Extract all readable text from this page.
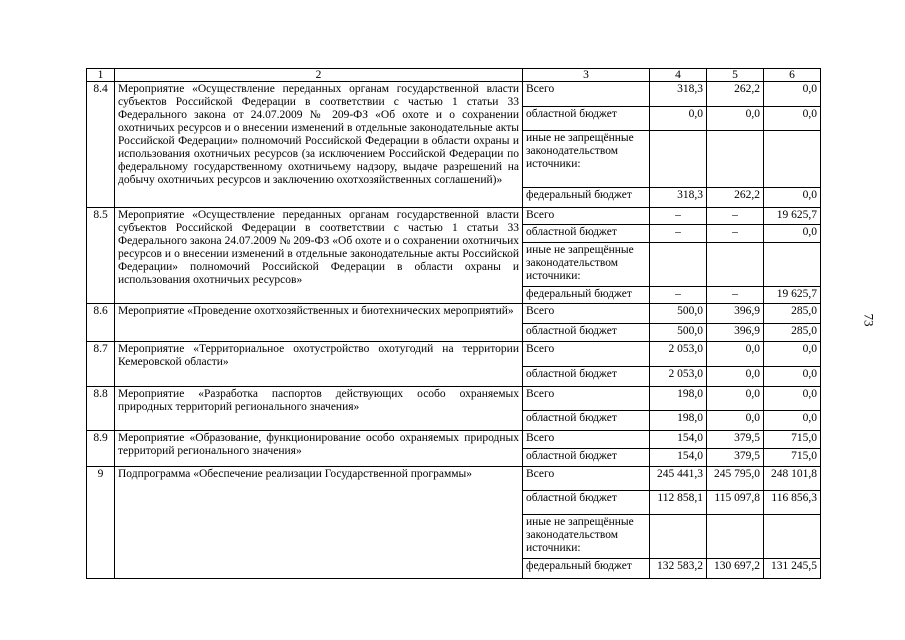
1	2	3	4	5	6
8.4	Мероприятие «Осуществление переданных органам государственной власти субъектов Российской Федерации в соответствии с частью 1 статьи 33 Федерального закона от 24.07.2009 № 209-ФЗ «Об охоте и о сохранении охотничьих ресурсов и о внесении изменений в отдельные законодательные акты Российской Федерации» полномочий Российской Федерации в области охраны и использования охотничьих ресурсов (за исключением Российской Федерации по федеральному государственному охотничьему надзору, выдаче разрешений на добычу охотничьих ресурсов и заключению охотхозяйственных соглашений)»	Всего	318,3	262,2	0,0
		областной бюджет	0,0	0,0	0,0
		иные не запрещённые законодательством источники:			
		федеральный бюджет	318,3	262,2	0,0
8.5	Мероприятие «Осуществление переданных органам государственной власти субъектов Российской Федерации в соответствии с частью 1 статьи 33 Федерального закона 24.07.2009 № 209-ФЗ «Об охоте и о сохранении охотничьих ресурсов и о внесении изменений в отдельные законодательные акты Российской Федерации» полномочий Российской Федерации в области охраны и использования охотничьих ресурсов»	Всего	–	–	19 625,7
		областной бюджет	–	–	0,0
		иные не запрещённые законодательством источники:			
		федеральный бюджет	–	–	19 625,7
8.6	Мероприятие «Проведение охотхозяйственных и биотехнических мероприятий»	Всего	500,0	396,9	285,0
		областной бюджет	500,0	396,9	285,0
8.7	Мероприятие «Территориальное охотустройство охотугодий на территории Кемеровской области»	Всего	2 053,0	0,0	0,0
		областной бюджет	2 053,0	0,0	0,0
8.8	Мероприятие «Разработка паспортов действующих особо охраняемых природных территорий регионального значения»	Всего	198,0	0,0	0,0
		областной бюджет	198,0	0,0	0,0
8.9	Мероприятие «Образование, функционирование особо охраняемых природных территорий регионального значения»	Всего	154,0	379,5	715,0
		областной бюджет	154,0	379,5	715,0
9	Подпрограмма «Обеспечение реализации Государственной программы»	Всего	245 441,3	245 795,0	248 101,8
		областной бюджет	112 858,1	115 097,8	116 856,3
		иные не запрещённые законодательством источники:			
		федеральный бюджет	132 583,2	130 697,2	131 245,5
73
